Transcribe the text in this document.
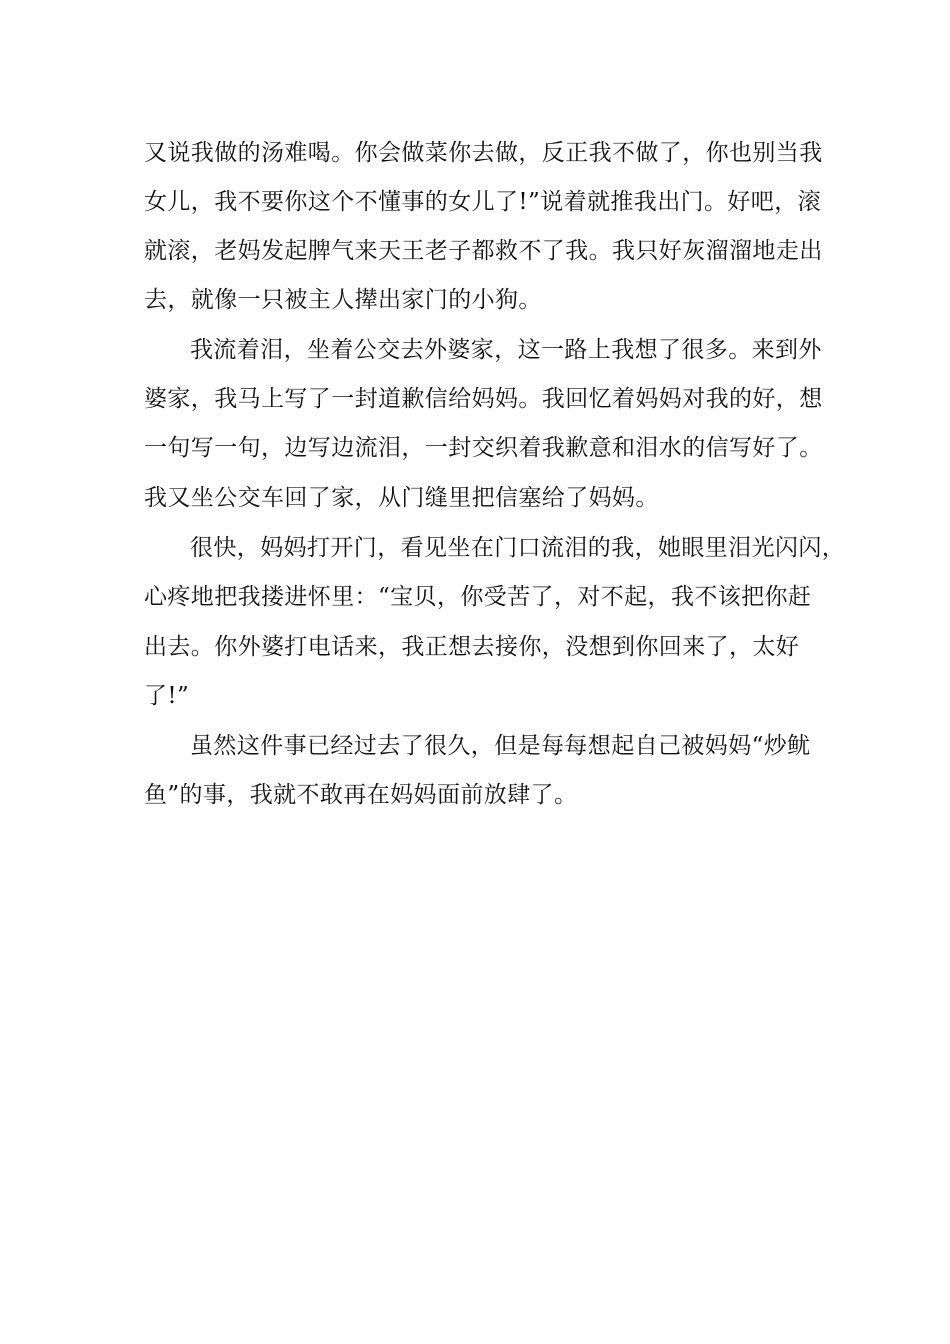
又说我做的汤难喝。你会做菜你去做，反正我不做了，你也别当我

女儿，我不要你这个不懂事的女儿了!”说着就推我出门。好吧，滚

就滚，老妈发起脾气来天王老子都救不了我。我只好灰溜溜地走出

去，就像一只被主人撵出家门的小狗。

我流着泪，坐着公交去外婆家，这一路上我想了很多。来到外

婆家，我马上写了一封道歉信给妈妈。我回忆着妈妈对我的好，想

一句写一句，边写边流泪，一封交织着我歉意和泪水的信写好了。

我又坐公交车回了家，从门缝里把信塞给了妈妈。

很快，妈妈打开门，看见坐在门口流泪的我，她眼里泪光闪闪，

心疼地把我搂进怀里：“宝贝，你受苦了，对不起，我不该把你赶

出去。你外婆打电话来，我正想去接你，没想到你回来了，太好

了!”

虽然这件事已经过去了很久，但是每每想起自己被妈妈“炒鱿

鱼”的事，我就不敢再在妈妈面前放肆了。
